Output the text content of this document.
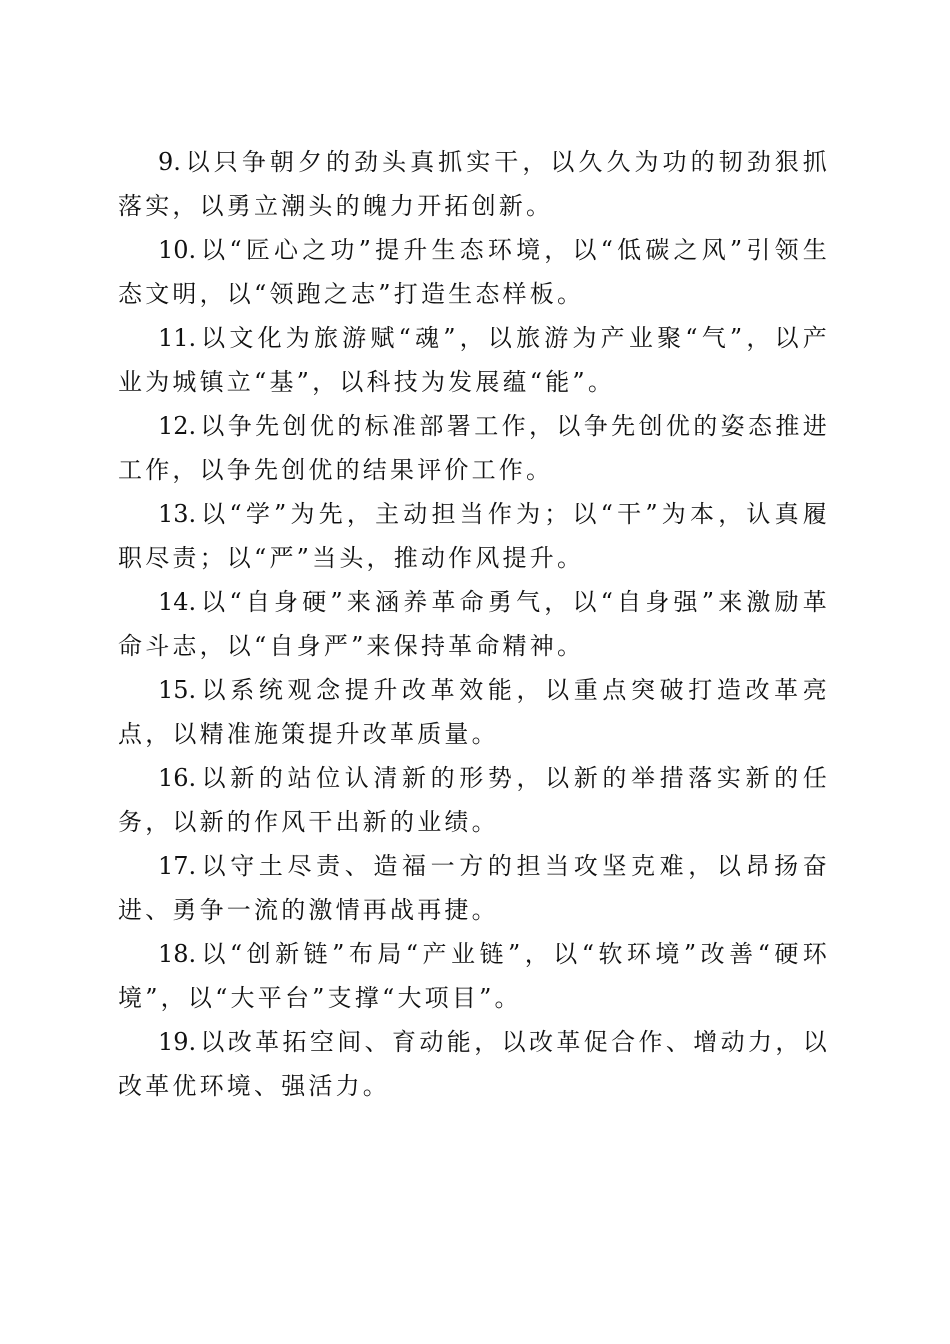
9. 以只争朝夕的劲头真抓实干，以久久为功的韧劲狠抓落实，以勇立潮头的魄力开拓创新。

10. 以“匠心之功”提升生态环境，以“低碳之风”引领生态文明，以“领跑之志”打造生态样板。

11. 以文化为旅游赋“魂”，以旅游为产业聚“气”，以产业为城镇立“基”，以科技为发展蕴“能”。

12. 以争先创优的标准部署工作，以争先创优的姿态推进工作，以争先创优的结果评价工作。

13. 以“学”为先，主动担当作为；以“干”为本，认真履职尽责；以“严”当头，推动作风提升。

14. 以“自身硬”来涵养革命勇气，以“自身强”来激励革命斗志，以“自身严”来保持革命精神。

15. 以系统观念提升改革效能，以重点突破打造改革亮点，以精准施策提升改革质量。

16. 以新的站位认清新的形势，以新的举措落实新的任务，以新的作风干出新的业绩。

17. 以守土尽责、造福一方的担当攻坚克难，以昂扬奋进、勇争一流的激情再战再捷。

18. 以“创新链”布局“产业链”，以“软环境”改善“硬环境”，以“大平台”支撑“大项目”。

19. 以改革拓空间、育动能，以改革促合作、增动力，以改革优环境、强活力。
